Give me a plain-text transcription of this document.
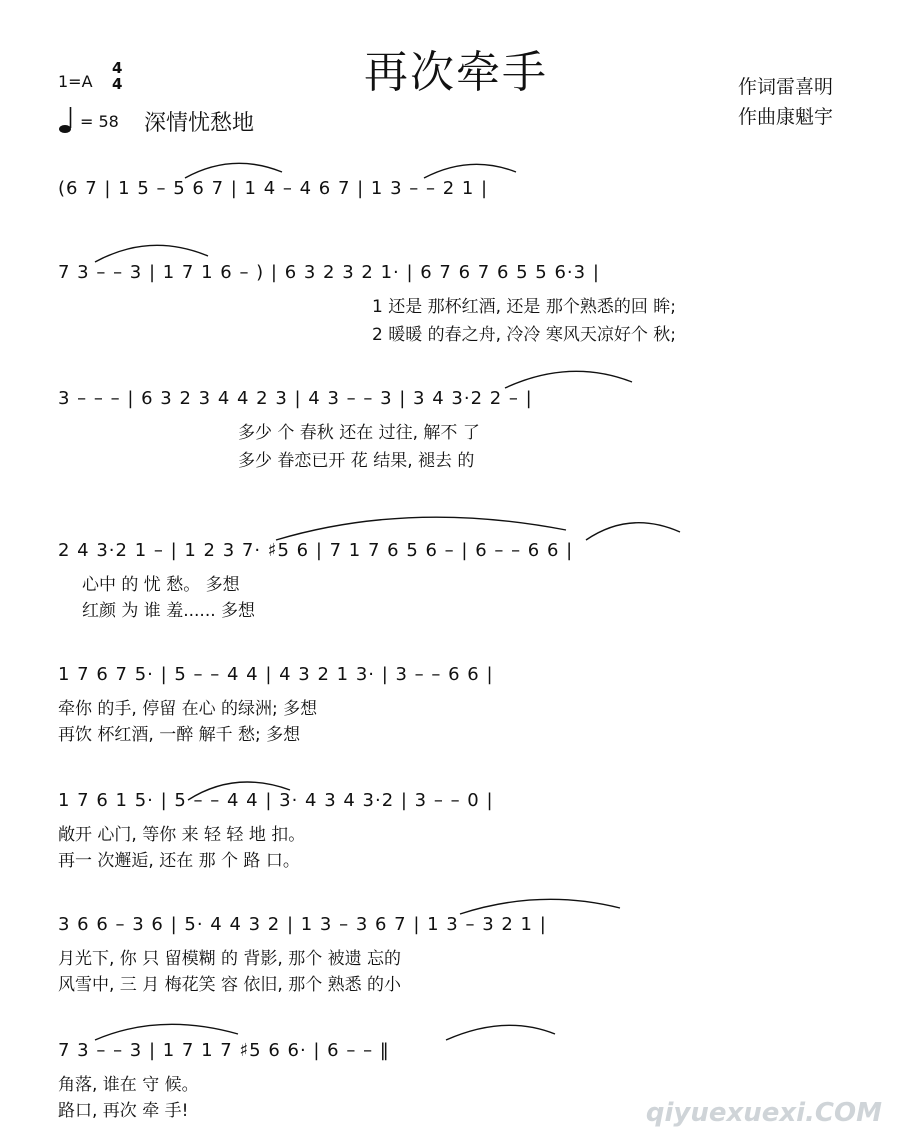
再次牵手
1=A
4
4
= 58 深情忧愁地
作词雷喜明
作曲康魁宇
(6 7 | 1 5 – 5 6 7 | 1 4 – 4 6 7 | 1 3 – – 2 1 |
7 3 – – 3 | 1 7 1 6 – ) | 6 3 2 3 2 1· | 6 7 6 7 6 5 5 6·3 |
1 还是 那杯红酒, 还是 那个熟悉的回 眸;
2 暖暖 的春之舟, 冷冷 寒风天凉好个 秋;
3 – – – | 6 3 2 3 4 4 2 3 | 4 3 – – 3 | 3 4 3·2 2 – |
多少 个 春秋 还在 过往, 解不 了
多少 眷恋已开 花 结果, 褪去 的
2 4 3·2 1 – | 1 2 3 7· ♯5 6 | 7 1 7 6 5 6 – | 6 – – 6 6 |
心中 的 忧 愁。 多想
红颜 为 谁 羞...... 多想
1 7 6 7 5· | 5 – – 4 4 | 4 3 2 1 3· | 3 – – 6 6 |
牵你 的手, 停留 在心 的绿洲; 多想
再饮 杯红酒, 一醉 解千 愁; 多想
1 7 6 1 5· | 5 – – 4 4 | 3· 4 3 4 3·2 | 3 – – 0 |
敞开 心门, 等你 来 轻 轻 地 扣。
再一 次邂逅, 还在 那 个 路 口。
3 6 6 – 3 6 | 5· 4 4 3 2 | 1 3 – 3 6 7 | 1 3 – 3 2 1 |
月光下, 你 只 留模糊 的 背影, 那个 被遗 忘的
风雪中, 三 月 梅花笑 容 依旧, 那个 熟悉 的小
7 3 – – 3 | 1 7 1 7 ♯5 6 6· | 6 – – ‖
角落, 谁在 守 候。
路口, 再次 牵 手!	qiyuexuexi.COM
